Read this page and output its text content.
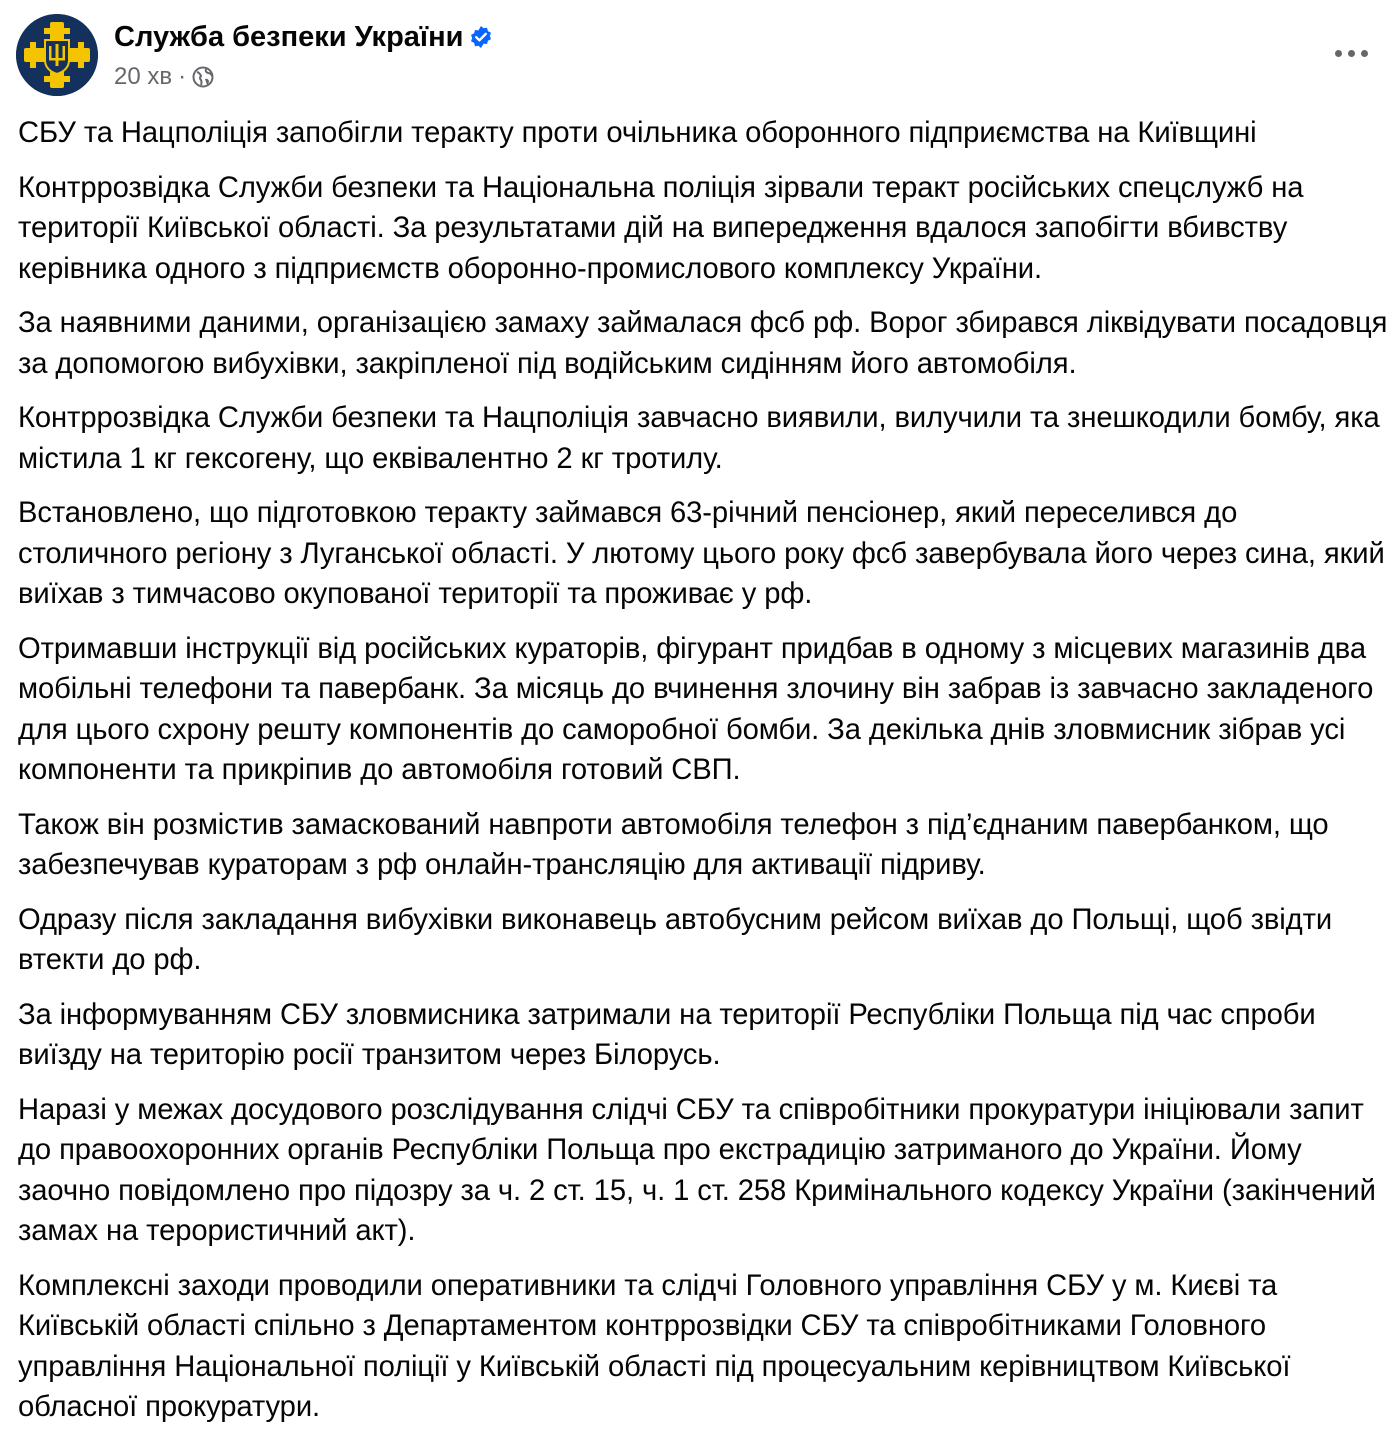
Служба безпеки України
20 хв ·

СБУ та Нацполіція запобігли теракту проти очільника оборонного підприємства на Київщині

Контррозвідка Служби безпеки та Національна поліція зірвали теракт російських спецслужб на території Київської області. За результатами дій на випередження вдалося запобігти вбивству керівника одного з підприємств оборонно-промислового комплексу України.

За наявними даними, організацією замаху займалася фсб рф. Ворог збирався ліквідувати посадовця за допомогою вибухівки, закріпленої під водійським сидінням його автомобіля.

Контррозвідка Служби безпеки та Нацполіція завчасно виявили, вилучили та знешкодили бомбу, яка містила 1 кг гексогену, що еквівалентно 2 кг тротилу.

Встановлено, що підготовкою теракту займався 63-річний пенсіонер, який переселився до столичного регіону з Луганської області. У лютому цього року фсб завербувала його через сина, який виїхав з тимчасово окупованої території та проживає у рф.

Отримавши інструкції від російських кураторів, фігурант придбав в одному з місцевих магазинів два мобільні телефони та павербанк. За місяць до вчинення злочину він забрав із завчасно закладеного для цього схрону решту компонентів до саморобної бомби. За декілька днів зловмисник зібрав усі компоненти та прикріпив до автомобіля готовий СВП.

Також він розмістив замаскований навпроти автомобіля телефон з під’єднаним павербанком, що забезпечував кураторам з рф онлайн-трансляцію для активації підриву.

Одразу після закладання вибухівки виконавець автобусним рейсом виїхав до Польщі, щоб звідти втекти до рф.

За інформуванням СБУ зловмисника затримали на території Республіки Польща під час спроби виїзду на територію росії транзитом через Білорусь.

Наразі у межах досудового розслідування слідчі СБУ та співробітники прокуратури ініціювали запит до правоохоронних органів Республіки Польща про екстрадицію затриманого до України. Йому заочно повідомлено про підозру за ч. 2 ст. 15, ч. 1 ст. 258 Кримінального кодексу України (закінчений замах на терористичний акт).

Комплексні заходи проводили оперативники та слідчі Головного управління СБУ у м. Києві та Київській області спільно з Департаментом контррозвідки СБУ та співробітниками Головного управління Національної поліції у Київській області під процесуальним керівництвом Київської обласної прокуратури.
